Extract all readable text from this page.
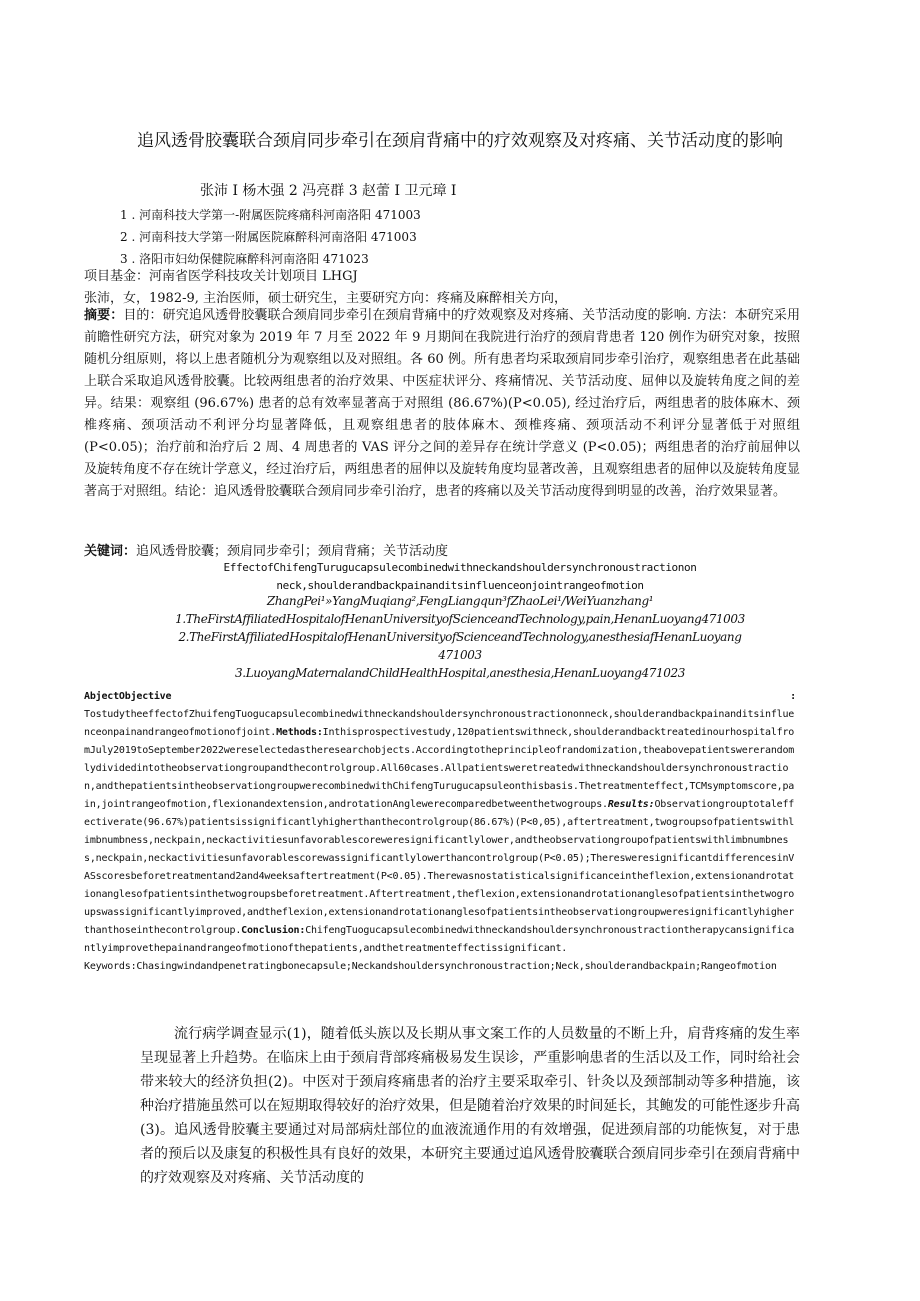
追风透骨胶囊联合颈肩同步牵引在颈肩背痛中的疗效观察及对疼痛、关节活动度的影响
张沛 I 杨木强 2 冯亮群 3 赵蕾 I 卫元璋 I
1 . 河南科技大学第一-附属医院疼痛科河南洛阳 471003
2 . 河南科技大学第一附属医院麻醉科河南洛阳 471003
3 . 洛阳市妇幼保健院麻醉科河南洛阳 471023
项目基金：河南省医学科技攻关计划项目 LHGJ
张沛，女，1982-9, 主治医师，硕士研究生，主要研究方向：疼痛及麻醉相关方向，
摘要：目的：研究追风透骨胶囊联合颈肩同步牵引在颈肩背痛中的疗效观察及对疼痛、关节活动度的影响. 方法：本研究采用前瞻性研究方法，研究对象为 2019 年 7 月至 2022 年 9 月期间在我院进行治疗的颈肩背患者 120 例作为研究对象，按照随机分组原则，将以上患者随机分为观察组以及对照组。各 60 例。所有患者均采取颈肩同步牵引治疗，观察组患者在此基础上联合采取追风透骨胶囊。比较两组患者的治疗效果、中医症状评分、疼痛情况、关节活动度、屈伸以及旋转角度之间的差异。结果：观察组 (96.67%) 患者的总有效率显著高于对照组 (86.67%)(P<0.05), 经过治疗后，两组患者的肢体麻木、颈椎疼痛、颈项活动不利评分均显著降低，且观察组患者的肢体麻木、颈椎疼痛、颈项活动不利评分显著低于对照组 (P<0.05)；治疗前和治疗后 2 周、4 周患者的 VAS 评分之间的差异存在统计学意义 (P<0.05)；两组患者的治疗前屈伸以及旋转角度不存在统计学意义，经过治疗后，两组患者的屈伸以及旋转角度均显著改善，且观察组患者的屈伸以及旋转角度显著高于对照组。结论：追风透骨胶囊联合颈肩同步牵引治疗，患者的疼痛以及关节活动度得到明显的改善，治疗效果显著。
关键词：追风透骨胶囊；颈肩同步牵引；颈肩背痛；关节活动度
EffectofChifengTurugucapsulecombinedwithneckandshouldersynchronoustractionon
neck,shoulderandbackpainanditsinfluenceonjointrangeofmotion
ZhangPei¹»YangMuqiang²,FengLiangqun³fZhaoLei¹/WeiYuanzhang¹
1.TheFirstAffiliatedHospitalofHenanUniversityofScienceandTechnology,pain,HenanLuoyang471003
2.TheFirstAffiliatedHospitalofHenanUniversityofScienceandTechnology,anesthesiafHenanLuoyang
471003
3.LuoyangMaternalandChildHealthHospital,anesthesia,HenanLuoyang471023
AbjectObjective	:
TostudytheeffectofZhuifengTuogucapsulecombinedwithneckandshouldersynchronoustractiononneck,shoulderandbackpainanditsinfluenceonpainandrangeofmotionofjoint.Methods:Inthisprospectivestudy,120patientswithneck,shoulderandbacktreatedinourhospitalfromJuly2019toSeptember2022wereselectedastheresearchobjects.Accordingtotheprincipleofrandomization,theabovepatientswererandomlydividedintotheobservationgroupandthecontrolgroup.All60cases.Allpatientsweretreatedwithneckandshouldersynchronoustraction,andthepatientsintheobservationgroupwerecombinedwithChifengTurugucapsuleonthisbasis.Thetreatmenteffect,TCMsymptomscore,pain,jointrangeofmotion,flexionandextension,androtationAnglewerecomparedbetweenthetwogroups.Results:Observationgrouptotaleffectiverate(96.67%)patientsissignificantlyhigherthanthecontrolgroup(86.67%)(P<0,05),aftertreatment,twogroupsofpatientswithlimbnumbness,neckpain,neckactivitiesunfavorablescoreweresignificantlylower,andtheobservationgroupofpatientswithlimbnumbness,neckpain,neckactivitiesunfavorablescorewassignificantlylowerthancontrolgroup(P<0.05);TheresweresignificantdifferencesinVASscoresbeforetreatmentand2and4weeksaftertreatment(P<0.05).Therewasnostatisticalsignificanceintheflexion,extensionandrotationanglesofpatientsinthetwogroupsbeforetreatment.Aftertreatment,theflexion,extensionandrotationanglesofpatientsinthetwogroupswassignificantlyimproved,andtheflexion,extensionandrotationanglesofpatientsintheobservationgroupweresignificantlyhigherthanthoseinthecontrolgroup.Conclusion:ChifengTuogucapsulecombinedwithneckandshouldersynchronoustractiontherapycansignificantlyimprovethepainandrangeofmotionofthepatients,andthetreatmenteffectissignificant.
Keywords:Chasingwindandpenetratingbonecapsule;Neckandshouldersynchronoustraction;Neck,shoulderandbackpain;Rangeofmotion
流行病学调查显示(1)，随着低头族以及长期从事文案工作的人员数量的不断上升，肩背疼痛的发生率呈现显著上升趋势。在临床上由于颈肩背部疼痛极易发生误诊，严重影响患者的生活以及工作，同时给社会带来较大的经济负担(2)。中医对于颈肩疼痛患者的治疗主要采取牵引、针灸以及颈部制动等多种措施，该种治疗措施虽然可以在短期取得较好的治疗效果，但是随着治疗效果的时间延长，其鲍发的可能性逐步升高(3)。追风透骨胶囊主要通过对局部病灶部位的血液流通作用的有效增强，促进颈肩部的功能恢复，对于患者的预后以及康复的积极性具有良好的效果，本研究主要通过追风透骨胶囊联合颈肩同步牵引在颈肩背痛中的疗效观察及对疼痛、关节活动度的
